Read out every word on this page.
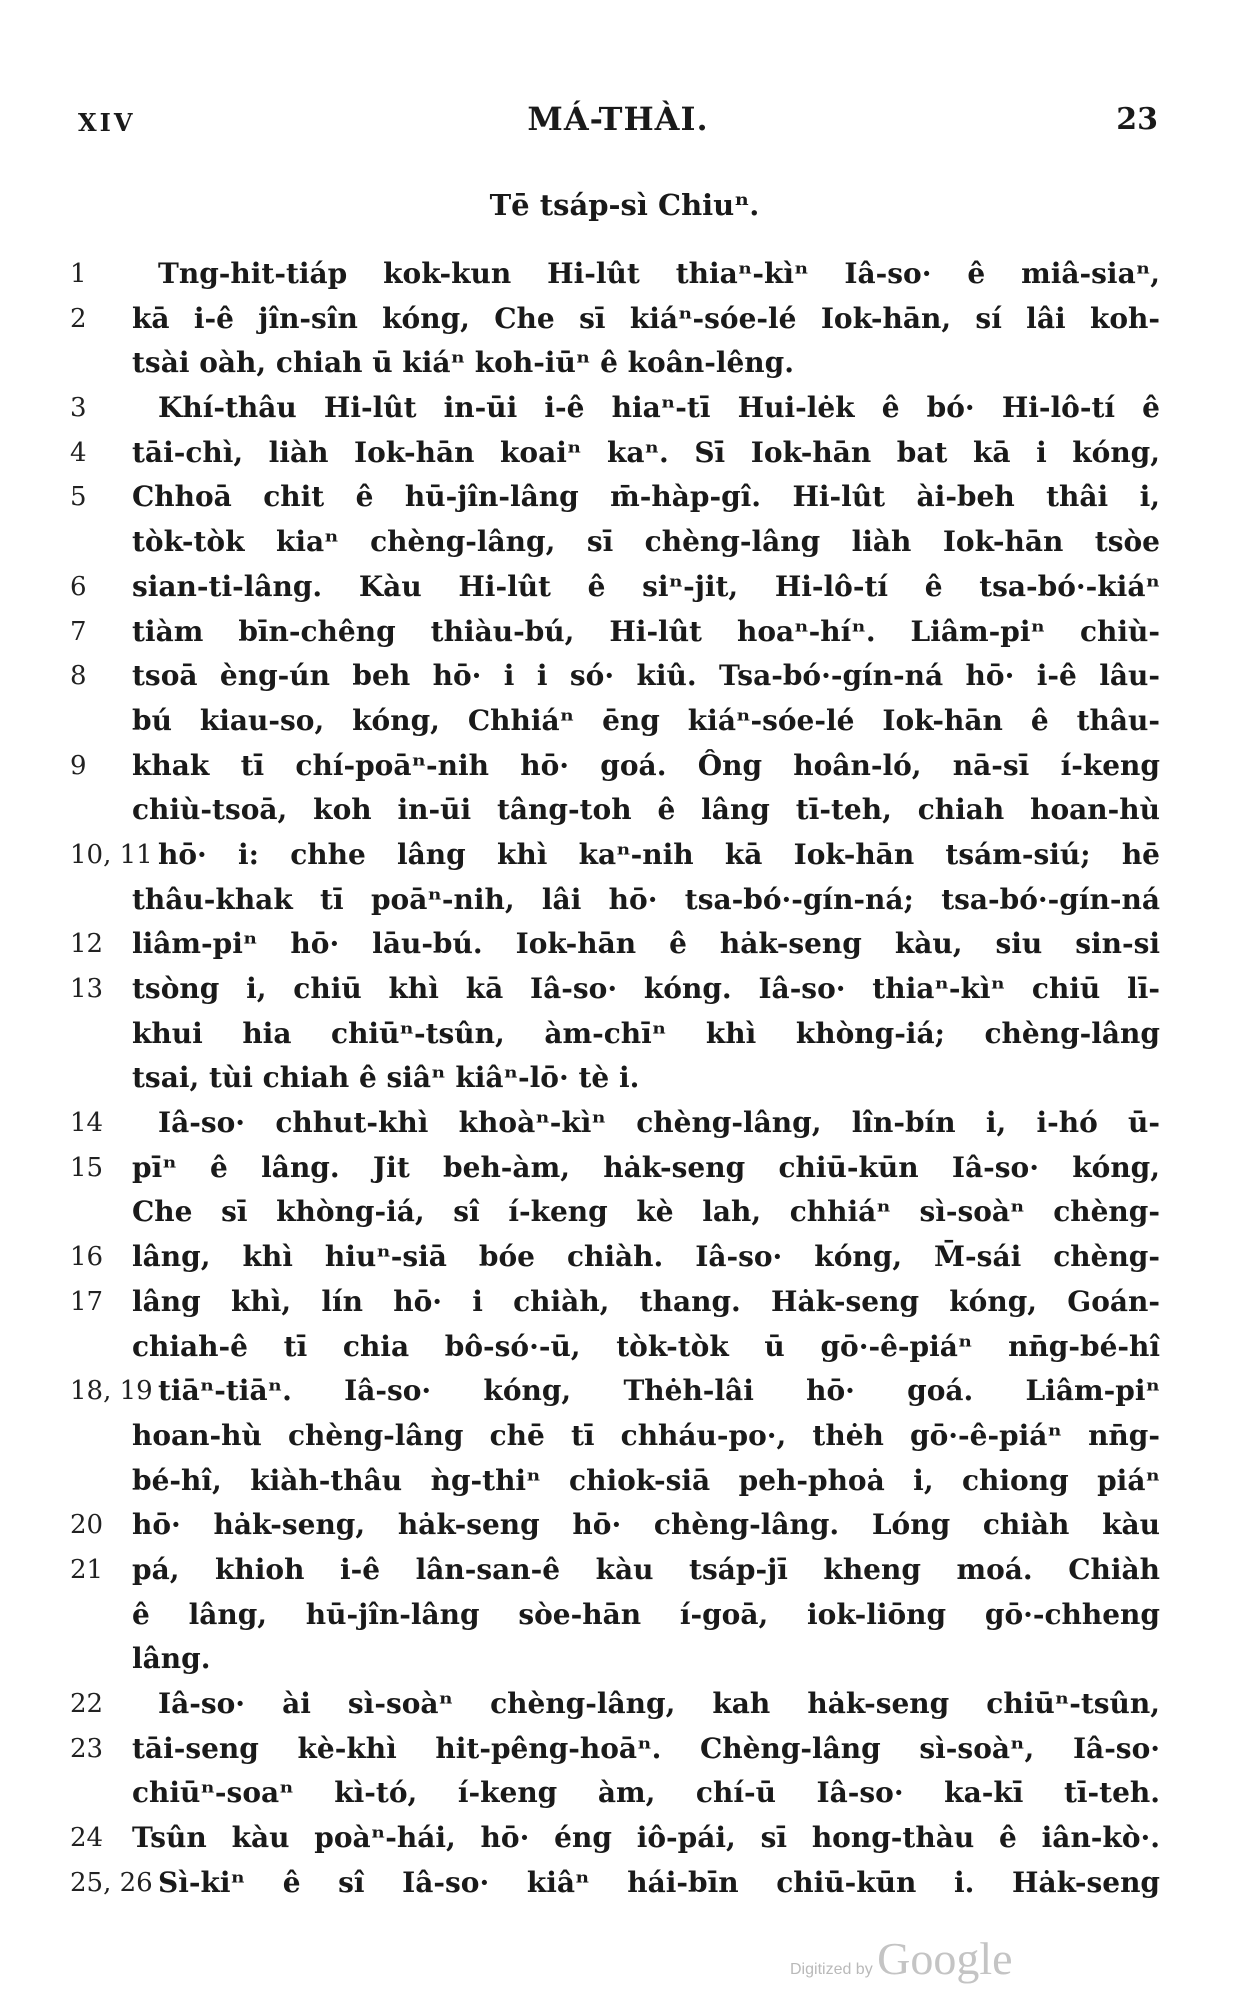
XIV	MÁ-THÀI.	23
Tē tsáp-sì Chiuⁿ.
1	Tng-hit-tiáp kok-kun Hi-lût thiaⁿ-kìⁿ Iâ-so· ê miâ-siaⁿ,
2	kā i-ê jîn-sîn kóng, Che sī kiáⁿ-sóe-lé Iok-hān, sí lâi koh-
tsài oàh, chiah ū kiáⁿ koh-iūⁿ ê koân-lêng.
3	Khí-thâu Hi-lût in-ūi i-ê hiaⁿ-tī Hui-lėk ê bó· Hi-lô-tí ê
4	tāi-chì, liàh Iok-hān koaiⁿ kaⁿ. Sī Iok-hān bat kā i kóng,
5	Chhoā chit ê hū-jîn-lâng m̄-hàp-gî. Hi-lût ài-beh thâi i,
tòk-tòk kiaⁿ chèng-lâng, sī chèng-lâng liàh Iok-hān tsòe
6	sian-ti-lâng. Kàu Hi-lût ê siⁿ-jit, Hi-lô-tí ê tsa-bó·-kiáⁿ
7	tiàm bīn-chêng thiàu-bú, Hi-lût hoaⁿ-híⁿ. Liâm-piⁿ chiù-
8	tsoā èng-ún beh hō· i i só· kiû. Tsa-bó·-gín-ná hō· i-ê lâu-
bú kiau-so, kóng, Chhiáⁿ ēng kiáⁿ-sóe-lé Iok-hān ê thâu-
9	khak tī chí-poāⁿ-nih hō· goá. Ông hoân-ló, nā-sī í-keng
chiù-tsoā, koh in-ūi tâng-toh ê lâng tī-teh, chiah hoan-hù
10, 11 hō· i: chhe lâng khì kaⁿ-nih kā Iok-hān tsám-siú; hē
thâu-khak tī poāⁿ-nih, lâi hō· tsa-bó·-gín-ná; tsa-bó·-gín-ná
12	liâm-piⁿ hō· lāu-bú. Iok-hān ê hȧk-seng kàu, siu sin-si
13	tsòng i, chiū khì kā Iâ-so· kóng. Iâ-so· thiaⁿ-kìⁿ chiū lī-
khui hia chiūⁿ-tsûn, àm-chīⁿ khì khòng-iá; chèng-lâng
tsai, tùi chiah ê siâⁿ kiâⁿ-lō· tè i.
14	Iâ-so· chhut-khì khoàⁿ-kìⁿ chèng-lâng, lîn-bín i, i-hó ū-
15	pīⁿ ê lâng. Jit beh-àm, hȧk-seng chiū-kūn Iâ-so· kóng,
Che sī khòng-iá, sî í-keng kè lah, chhiáⁿ sì-soàⁿ chèng-
16	lâng, khì hiuⁿ-siā bóe chiàh. Iâ-so· kóng, M̄-sái chèng-
17	lâng khì, lín hō· i chiàh, thang. Hȧk-seng kóng, Goán-
chiah-ê tī chia bô-só·-ū, tòk-tòk ū gō·-ê-piáⁿ nn̄g-bé-hî
18, 19 tiāⁿ-tiāⁿ. Iâ-so· kóng, Thėh-lâi hō· goá. Liâm-piⁿ
hoan-hù chèng-lâng chē tī chháu-po·, thėh gō·-ê-piáⁿ nn̄g-
bé-hî, kiàh-thâu ǹg-thiⁿ chiok-siā peh-phoȧ i, chiong piáⁿ
20	hō· hȧk-seng, hȧk-seng hō· chèng-lâng. Lóng chiàh kàu
21	pá, khioh i-ê lân-san-ê kàu tsáp-jī kheng moá. Chiàh
ê lâng, hū-jîn-lâng sòe-hān í-goā, iok-liōng gō·-chheng
lâng.
22	Iâ-so· ài sì-soàⁿ chèng-lâng, kah hȧk-seng chiūⁿ-tsûn,
23	tāi-seng kè-khì hit-pêng-hoāⁿ. Chèng-lâng sì-soàⁿ, Iâ-so·
chiūⁿ-soaⁿ kì-tó, í-keng àm, chí-ū Iâ-so· ka-kī tī-teh.
24	Tsûn kàu poàⁿ-hái, hō· éng iô-pái, sī hong-thàu ê iân-kò·.
25, 26 Sì-kiⁿ ê sî Iâ-so· kiâⁿ hái-bīn chiū-kūn i. Hȧk-seng
Digitized by Google
